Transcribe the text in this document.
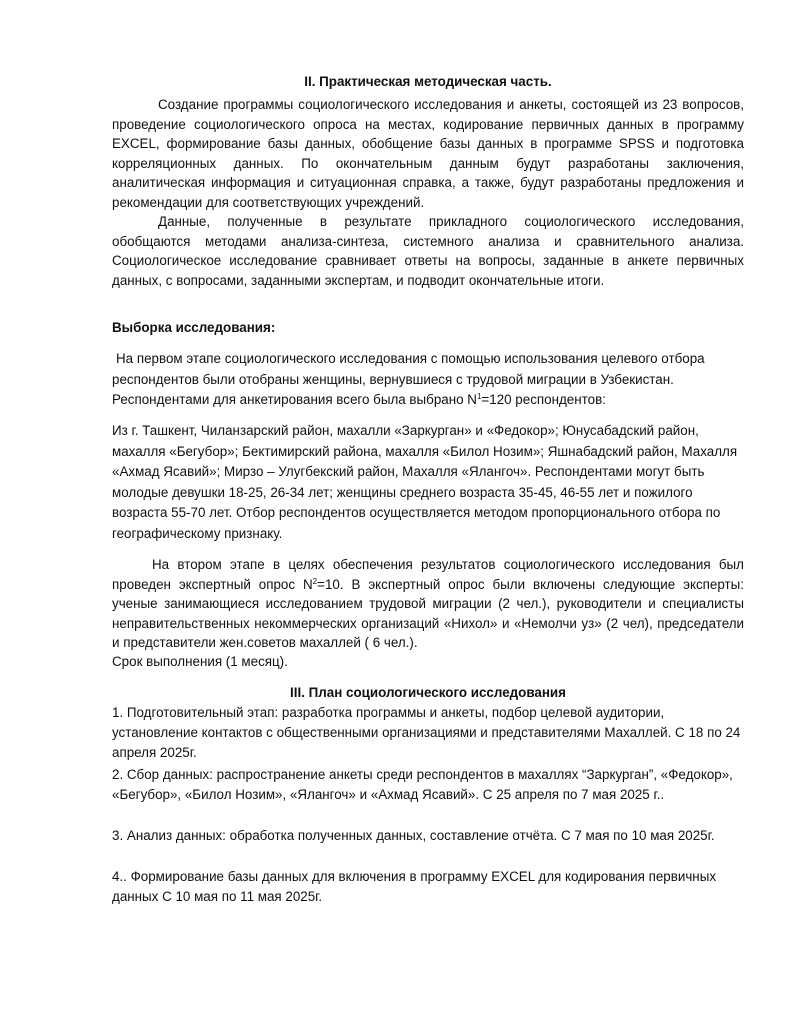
II. Практическая методическая часть.

Создание программы социологического исследования и анкеты, состоящей из 23 вопросов, проведение социологического опроса на местах, кодирование первичных данных в программу EXCEL, формирование базы данных, обобщение базы данных в программе SPSS и подготовка корреляционных данных. По окончательным данным будут разработаны заключения, аналитическая информация и ситуационная справка, а также, будут разработаны предложения и рекомендации для соответствующих учреждений.

Данные, полученные в результате прикладного социологического исследования, обобщаются методами анализа-синтеза, системного анализа и сравнительного анализа. Социологическое исследование сравнивает ответы на вопросы, заданные в анкете первичных данных, с вопросами, заданными экспертам, и подводит окончательные итоги.

Выборка исследования:

На первом этапе социологического исследования с помощью использования целевого отбора респондентов были отобраны женщины, вернувшиеся с трудовой миграции в Узбекистан. Респондентами для анкетирования всего была выбрано $N^1=120$ респондентов:

Из г. Ташкент, Чиланзарский район, махалли «Заркурган» и «Федокор»; Юнусабадский район, махалля «Бегубор»; Бектимирский района, махалля «Билол Нозим»; Яшнабадский район, Махалля «Ахмад Ясавий»; Мирзо – Улугбекский район, Махалля «Ялангоч». Респондентами могут быть молодые девушки 18-25, 26-34 лет; женщины среднего возраста 35-45, 46-55 лет и пожилого возраста 55-70 лет. Отбор респондентов осуществляется методом пропорционального отбора по географическому признаку.

На втором этапе в целях обеспечения результатов социологического исследования был проведен экспертный опрос $N^2=10$. В экспертный опрос были включены следующие эксперты: ученые занимающиеся исследованием трудовой миграции (2 чел.), руководители и специалисты неправительственных некоммерческих организаций «Нихол» и «Немолчи уз» (2 чел), председатели и представители жен.советов махаллей ( 6 чел.).

Срок выполнения (1 месяц).
III. План социологического исследования

1. Подготовительный этап: разработка программы и анкеты, подбор целевой аудитории, установление контактов с общественными организациями и представителями Махаллей. С 18 по 24 апреля 2025г.

2. Сбор данных: распространение анкеты среди респондентов в махаллях “Заркурган”, «Федокор», «Бегубор», «Билол Нозим», «Ялангоч» и «Ахмад Ясавий». С 25 апреля по 7 мая 2025 г..

3. Анализ данных: обработка полученных данных, составление отчёта. С 7 мая по 10 мая 2025г.

4.. Формирование базы данных для включения в программу EXCEL для кодирования первичных данных С 10 мая по 11 мая 2025г.
